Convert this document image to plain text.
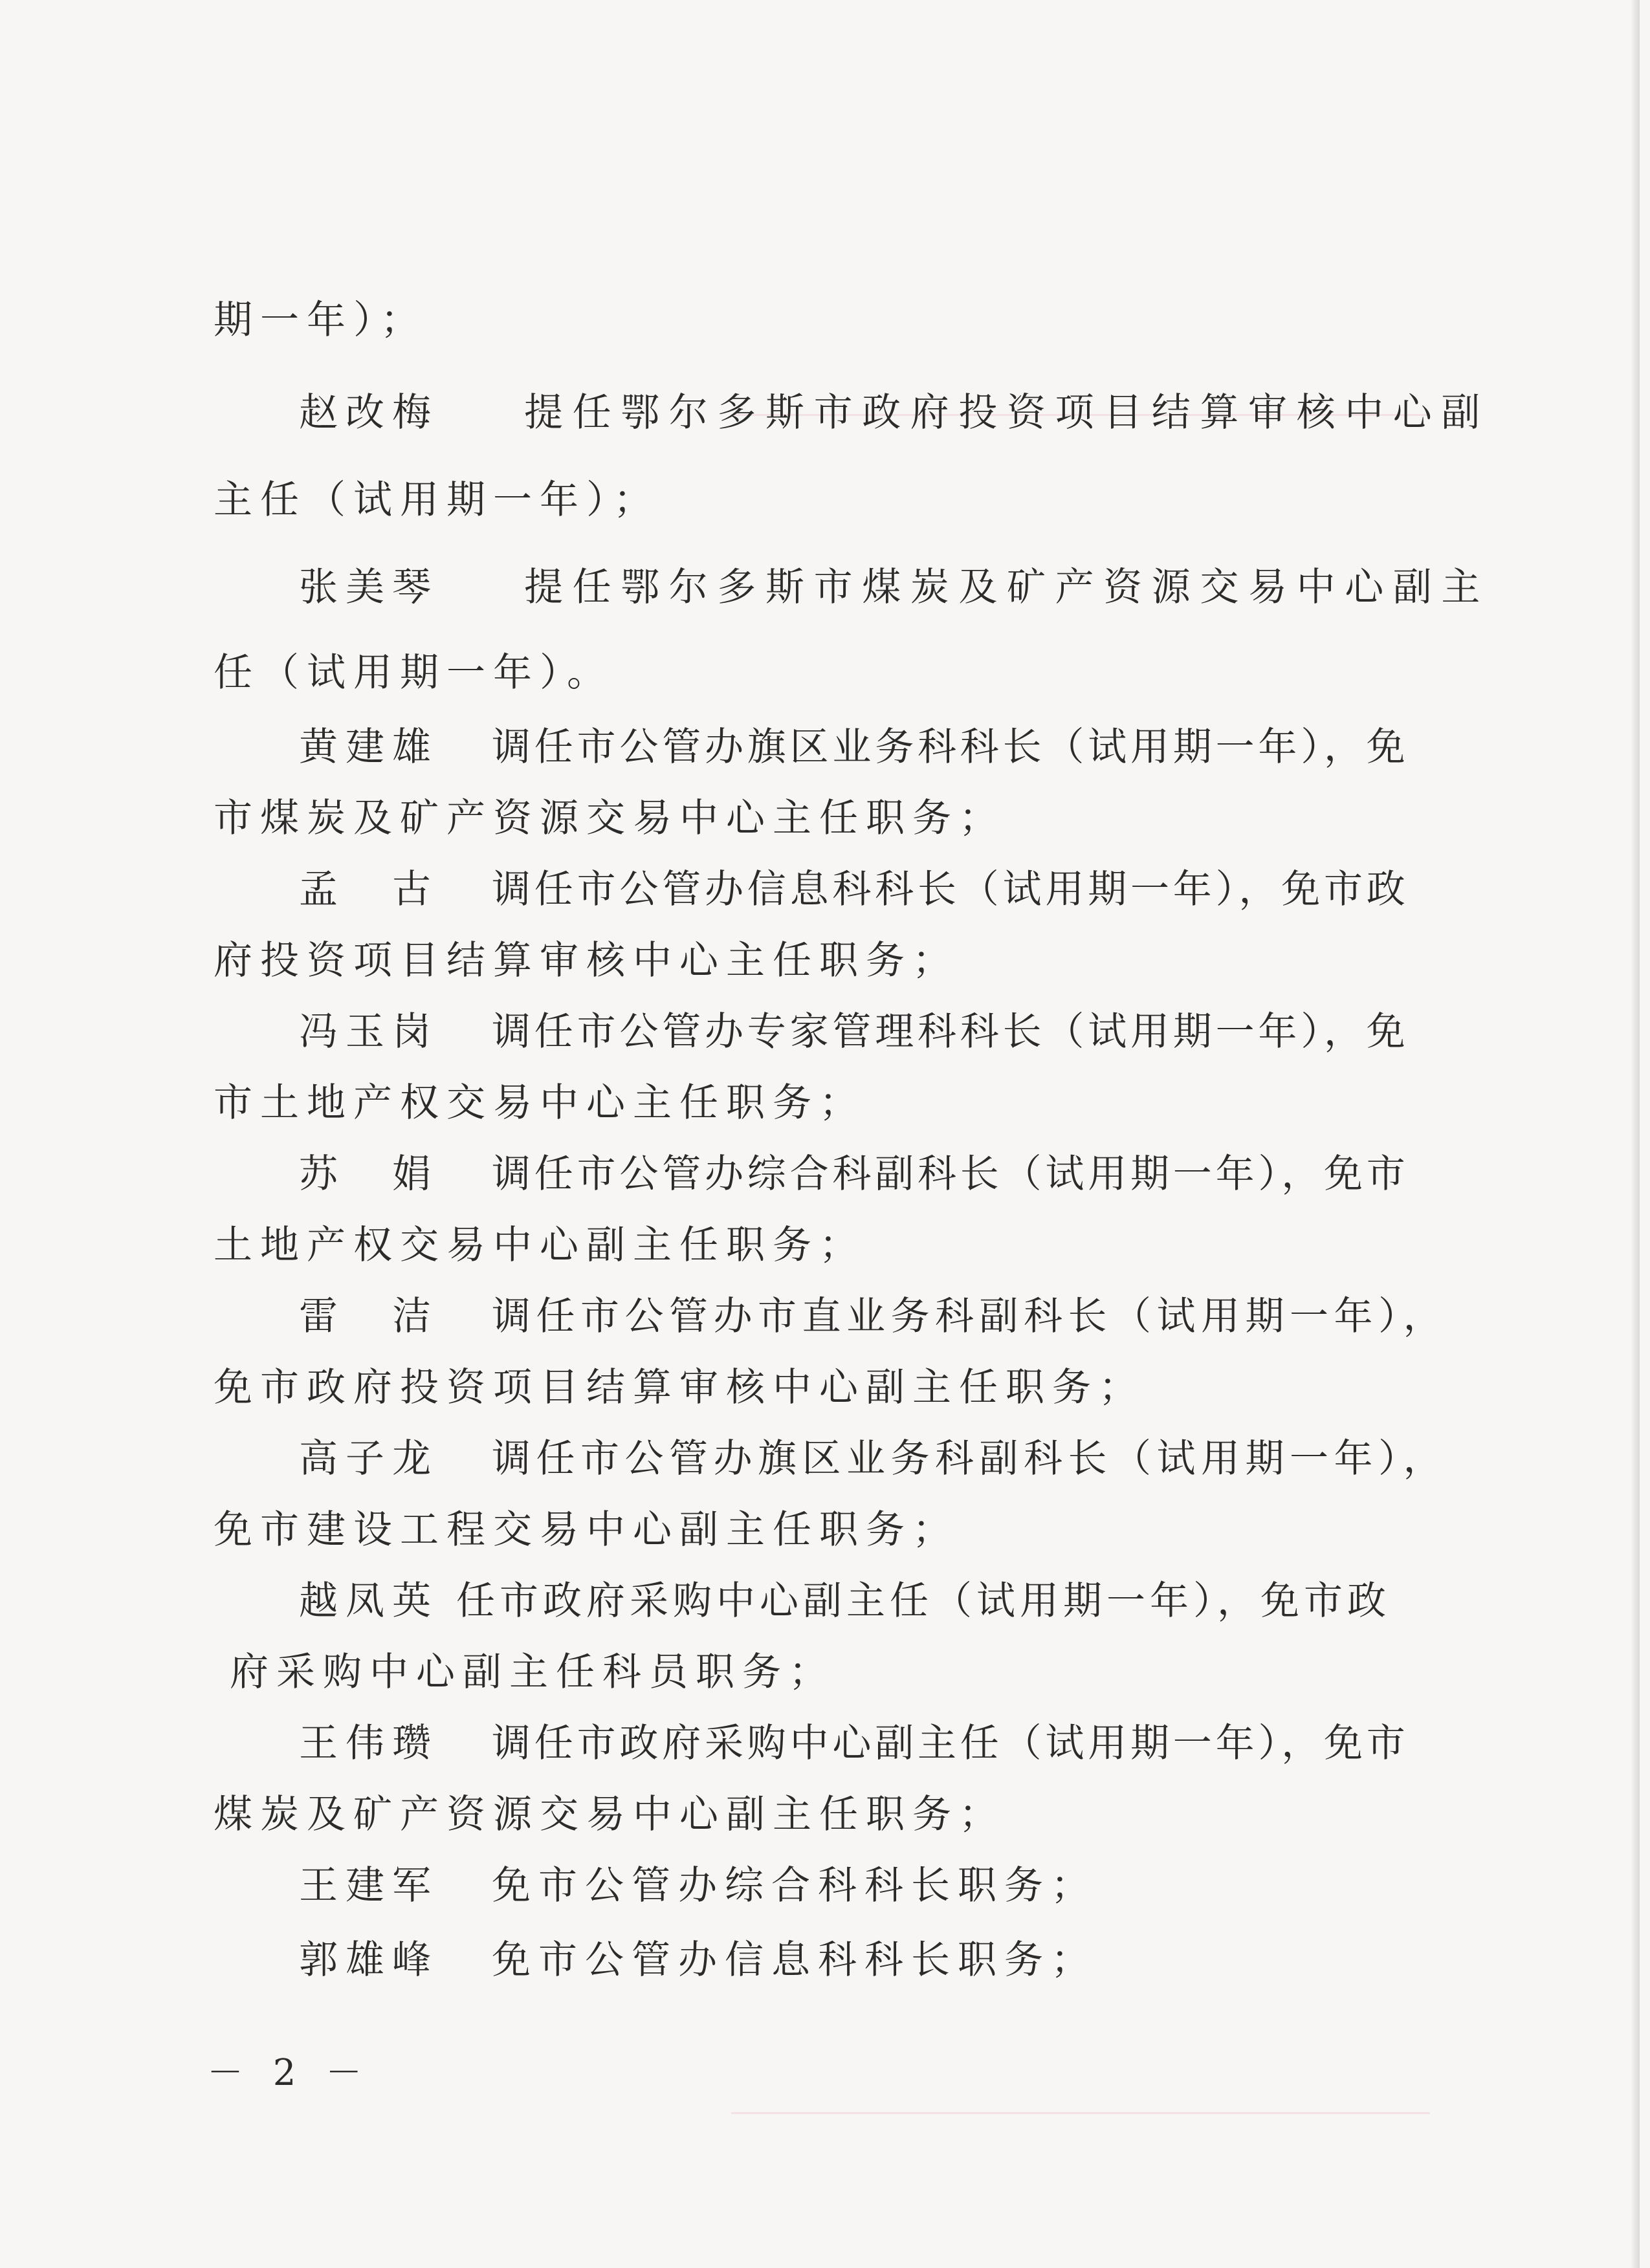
期一年）；
赵改梅 提任鄂尔多斯市政府投资项目结算审核中心副
主任（试用期一年）；
张美琴 提任鄂尔多斯市煤炭及矿产资源交易中心副主
任（试用期一年）。
黄建雄 调任市公管办旗区业务科科长（试用期一年），免
市煤炭及矿产资源交易中心主任职务；
孟　古 调任市公管办信息科科长（试用期一年），免市政
府投资项目结算审核中心主任职务；
冯玉岗 调任市公管办专家管理科科长（试用期一年），免
市土地产权交易中心主任职务；
苏　娟 调任市公管办综合科副科长（试用期一年），免市
土地产权交易中心副主任职务；
雷　洁 调任市公管办市直业务科副科长（试用期一年），
免市政府投资项目结算审核中心副主任职务；
高子龙 调任市公管办旗区业务科副科长（试用期一年），
免市建设工程交易中心副主任职务；
越凤英 任市政府采购中心副主任（试用期一年），免市政
府采购中心副主任科员职务；
王伟瓒 调任市政府采购中心副主任（试用期一年），免市
煤炭及矿产资源交易中心副主任职务；
王建军 免市公管办综合科科长职务；
郭雄峰 免市公管办信息科科长职务；
－ 2 －
